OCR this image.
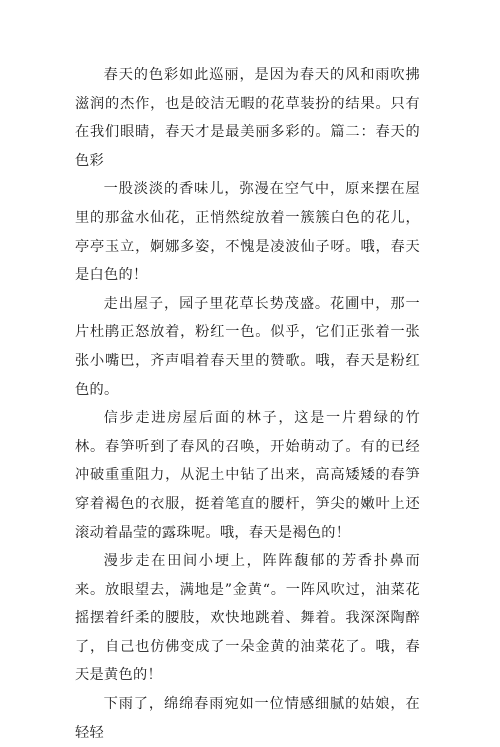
春天的色彩如此巡丽，是因为春天的风和雨吹拂滋润的杰作，也是皎洁无暇的花草装扮的结果。只有在我们眼睛，春天才是最美丽多彩的。篇二：春天的色彩

一股淡淡的香味儿，弥漫在空气中，原来摆在屋里的那盆水仙花，正悄然绽放着一簇簇白色的花儿，亭亭玉立，婀娜多姿，不愧是凌波仙子呀。哦，春天是白色的！

走出屋子，园子里花草长势茂盛。花圃中，那一片杜鹃正怒放着，粉红一色。似乎，它们正张着一张张小嘴巴，齐声唱着春天里的赞歌。哦，春天是粉红色的。

信步走进房屋后面的林子，这是一片碧绿的竹林。春笋听到了春风的召唤，开始萌动了。有的已经冲破重重阻力，从泥土中钻了出来，高高矮矮的春笋穿着褐色的衣服，挺着笔直的腰杆，笋尖的嫩叶上还滚动着晶莹的露珠呢。哦，春天是褐色的！

漫步走在田间小埂上，阵阵馥郁的芳香扑鼻而来。放眼望去，满地是”金黄“。一阵风吹过，油菜花摇摆着纤柔的腰肢，欢快地跳着、舞着。我深深陶醉了，自己也仿佛变成了一朵金黄的油菜花了。哦，春天是黄色的！

下雨了，绵绵春雨宛如一位情感细腻的姑娘，在轻轻
